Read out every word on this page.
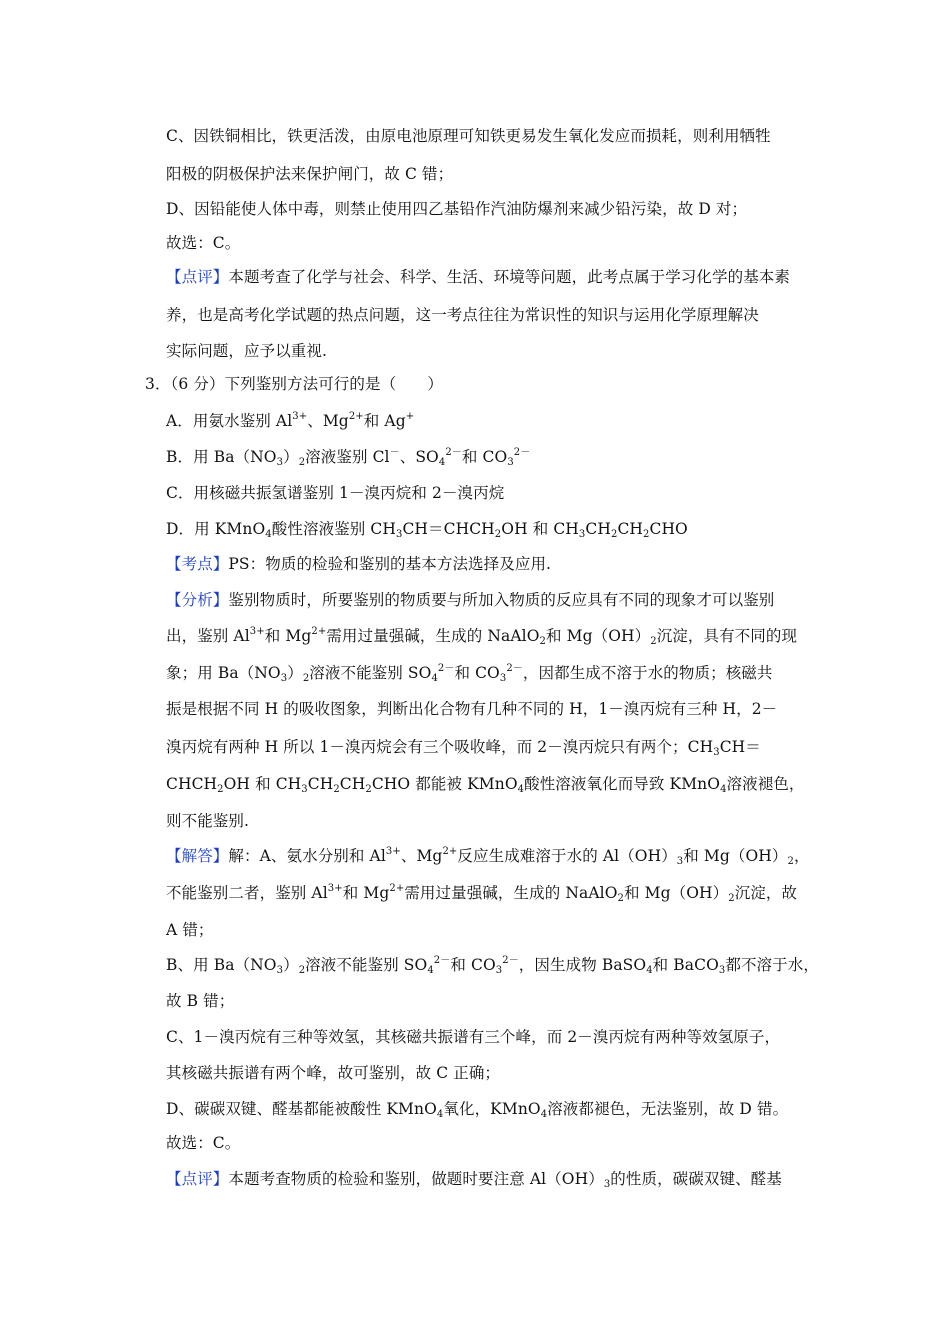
C、因铁铜相比，铁更活泼，由原电池原理可知铁更易发生氧化发应而损耗，则利用牺牲
阳极的阴极保护法来保护闸门，故 C 错；
D、因铅能使人体中毒，则禁止使用四乙基铅作汽油防爆剂来减少铅污染，故 D 对；
故选：C。
【点评】本题考查了化学与社会、科学、生活、环境等问题，此考点属于学习化学的基本素
养，也是高考化学试题的热点问题，这一考点往往为常识性的知识与运用化学原理解决
实际问题，应予以重视.
3．（6 分）下列鉴别方法可行的是（　　）
A．用氨水鉴别 $Al^{3+}$、$Mg^{2+}$和 Ag+
B．用 $Ba(NO_3)_2$溶液鉴别 Cl－、$SO_4^{2-}$和 $CO_3^{2-}$
C．用核磁共振氢谱鉴别 1－溴丙烷和 2－溴丙烷
D．用 KMnO$_4$酸性溶液鉴别 $CH_3CH=CHCH_2OH$ 和 $CH_3CH_2CH_2CHO$
【考点】PS：物质的检验和鉴别的基本方法选择及应用.
【分析】鉴别物质时，所要鉴别的物质要与所加入物质的反应具有不同的现象才可以鉴别
出，鉴别 $Al^{3+}$和 $Mg^{2+}$需用过量强碱，生成的 NaAlO$_2$和 $Mg(OH)_2$沉淀，具有不同的现
象；用 $Ba(NO_3)_2$溶液不能鉴别 $SO_4^{2-}$和 $CO_3^{2-}$，因都生成不溶于水的物质；核磁共
振是根据不同 H 的吸收图象，判断出化合物有几种不同的 H，1－溴丙烷有三种 H，2－
溴丙烷有两种 H 所以 1－溴丙烷会有三个吸收峰，而 2－溴丙烷只有两个；$CH_3CH=$
$CHCH_2OH$ 和 $CH_3CH_2CH_2CHO$ 都能被 KMnO$_4$酸性溶液氧化而导致 KMnO$_4$溶液褪色，
则不能鉴别.
【解答】解：A、氨水分别和 $Al^{3+}$、$Mg^{2+}$反应生成难溶于水的 $Al(OH)_3$和 $Mg(OH)_2$，
不能鉴别二者，鉴别 $Al^{3+}$和 $Mg^{2+}$需用过量强碱，生成的 NaAlO$_2$和 $Mg(OH)_2$沉淀，故
A 错；
B、用 $Ba(NO_3)_2$溶液不能鉴别 $SO_4^{2-}$和 $CO_3^{2-}$，因生成物 BaSO$_4$和 BaCO$_3$都不溶于水，
故 B 错；
C、1－溴丙烷有三种等效氢，其核磁共振谱有三个峰，而 2－溴丙烷有两种等效氢原子，
其核磁共振谱有两个峰，故可鉴别，故 C 正确；
D、碳碳双键、醛基都能被酸性 KMnO$_4$氧化，KMnO$_4$溶液都褪色，无法鉴别，故 D 错。
故选：C。
【点评】本题考查物质的检验和鉴别，做题时要注意 $Al(OH)_3$的性质，碳碳双键、醛基
